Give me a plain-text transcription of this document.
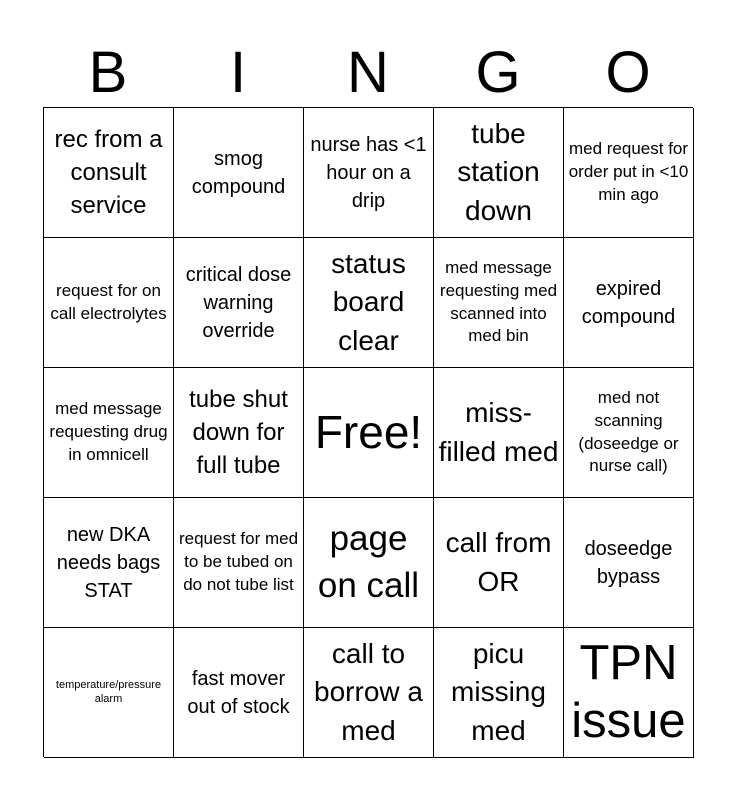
B	I	N	G	O
rec from a consult service
smog compound
nurse has <1 hour on a drip
tube station down
med request for order put in <10 min ago
request for on call electrolytes
critical dose warning override
status board clear
med message requesting med scanned into med bin
expired compound
med message requesting drug in omnicell
tube shut down for full tube
Free!	miss-filled med
med not scanning (doseedge or nurse call)
new DKA needs bags STAT
request for med to be tubed on do not tube list
page on call
call from OR
doseedge bypass
temperature/pressure alarm
fast mover out of stock
call to borrow a med
picu missing med
TPN issue
